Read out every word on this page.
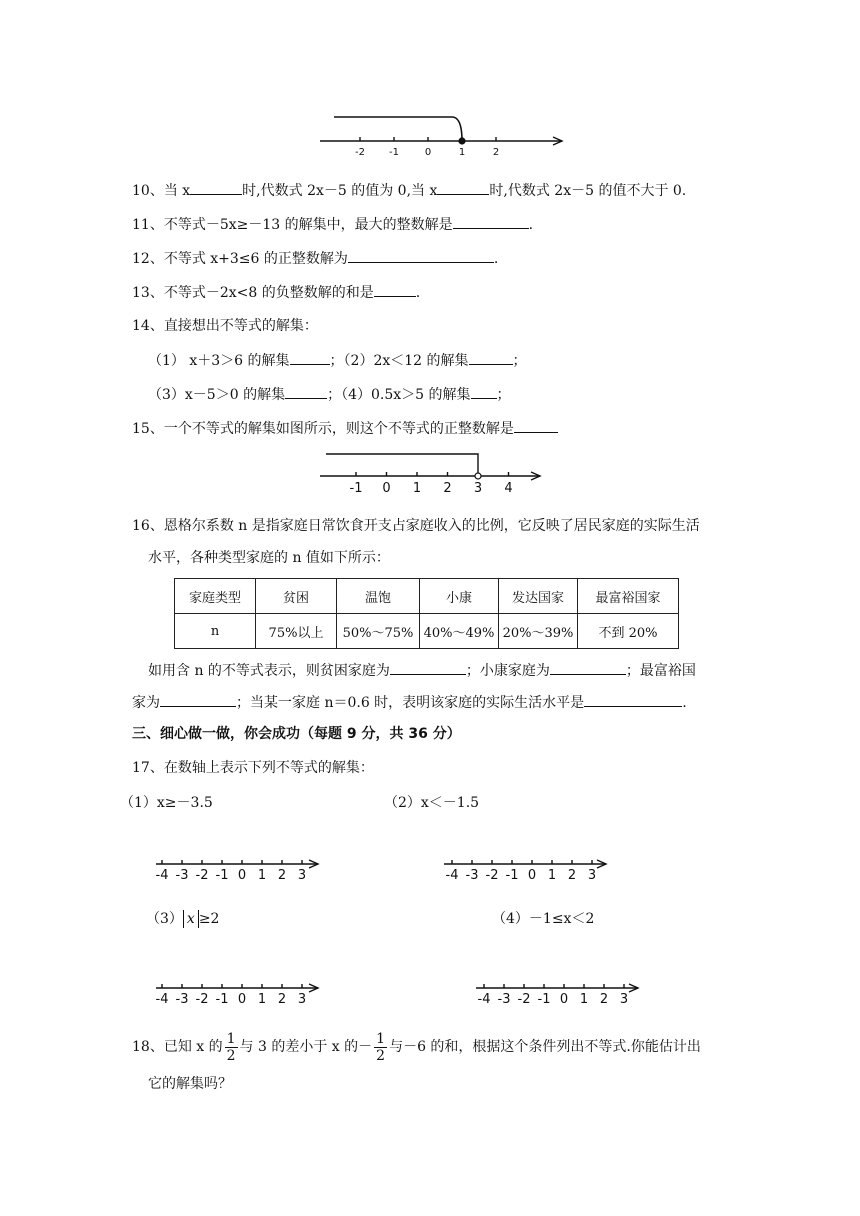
-2 -1	0	1	2
-1 0 1 2 3 4
-4 -3 -2 -1 0 1 2 3	-4 -3 -2 -1 0 1 2 3
-4 -3 -2 -1 0 1 2 3	-4 -3 -2 -1 0 1 2 3
10、当 x	时,代数式 2x－5 的值为 0,当 x	时,代数式 2x－5 的值不大于 0.
11、不等式－5x≥－13 的解集中，最大的整数解是	.
12、不等式 x+3≤6 的正整数解为	.
13、不等式－2x<8 的负整数解的和是	.
14、直接想出不等式的解集：
（1） x＋3＞6 的解集	；（2）2x＜12 的解集	；
（3）x－5＞0 的解集	；（4）0.5x＞5 的解集 ；
15、一个不等式的解集如图所示，则这个不等式的正整数解是
16、恩格尔系数 n 是指家庭日常饮食开支占家庭收入的比例，它反映了居民家庭的实际生活
水平，各种类型家庭的 n 值如下所示：
家庭类型	贫困	温饱	小康	发达国家	最富裕国家
n	75%以上	50%～75%	40%～49%	20%～39%	不到 20%
如用含 n 的不等式表示，则贫困家庭为	；小康家庭为	；最富裕国
家为	；当某一家庭 n＝0.6 时，表明该家庭的实际生活水平是	.
三、细心做一做，你会成功（每题 9 分，共 36 分）
17、在数轴上表示下列不等式的解集：
（1）x≥－3.5	（2）x＜－1.5
（3） x ≥2	（4）－1≤x＜2
18、已知 x 的 $\frac{1}{2}$ 与 3 的差小于 x 的－ $\frac{1}{2}$ 与－6 的和，根据这个条件列出不等式.你能估计出
它的解集吗？
